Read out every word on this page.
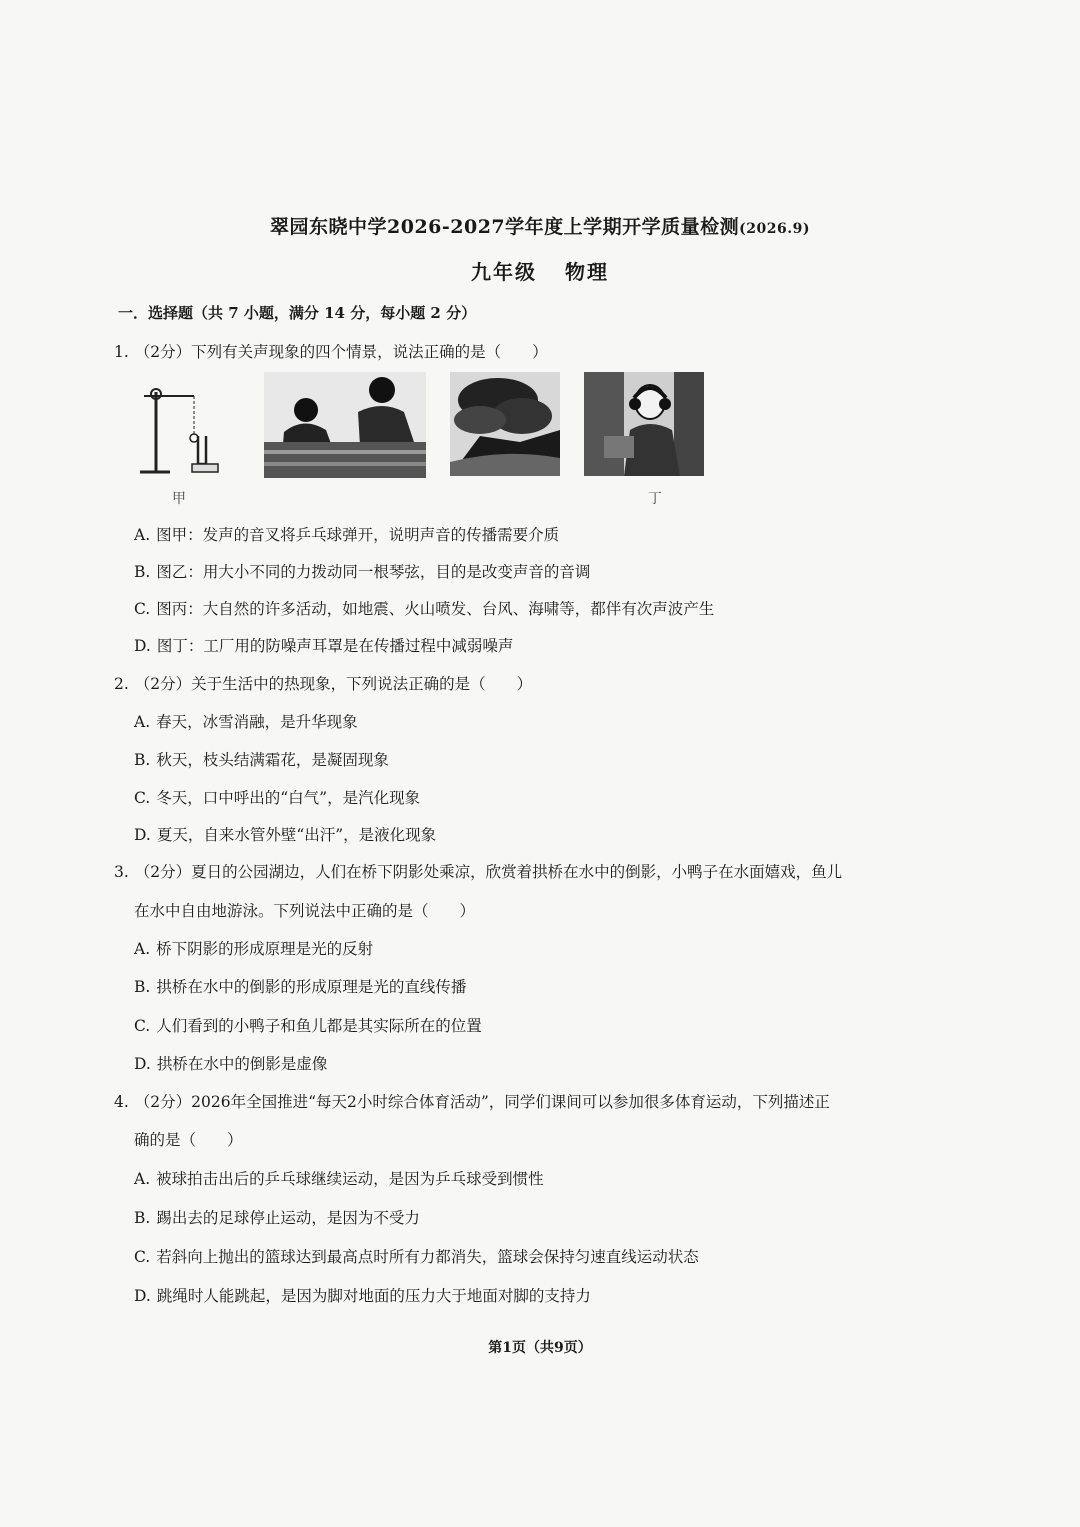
翠园东晓中学2026-2027学年度上学期开学质量检测(2026.9)
九年级 物理
一．选择题（共 7 小题，满分 14 分，每小题 2 分）
1. （2分）下列有关声现象的四个情景，说法正确的是（　　）
甲	丁
A. 图甲：发声的音叉将乒乓球弹开，说明声音的传播需要介质
B. 图乙：用大小不同的力拨动同一根琴弦，目的是改变声音的音调
C. 图丙：大自然的许多活动，如地震、火山喷发、台风、海啸等，都伴有次声波产生
D. 图丁：工厂用的防噪声耳罩是在传播过程中减弱噪声
2. （2分）关于生活中的热现象，下列说法正确的是（　　）
A. 春天，冰雪消融，是升华现象
B. 秋天，枝头结满霜花，是凝固现象
C. 冬天，口中呼出的“白气”，是汽化现象
D. 夏天，自来水管外壁“出汗”，是液化现象
3. （2分）夏日的公园湖边，人们在桥下阴影处乘凉，欣赏着拱桥在水中的倒影，小鸭子在水面嬉戏，鱼儿
在水中自由地游泳。下列说法中正确的是（　　）
A. 桥下阴影的形成原理是光的反射
B. 拱桥在水中的倒影的形成原理是光的直线传播
C. 人们看到的小鸭子和鱼儿都是其实际所在的位置
D. 拱桥在水中的倒影是虚像
4. （2分）2026年全国推进“每天2小时综合体育活动”，同学们课间可以参加很多体育运动，下列描述正
确的是（　　）
A. 被球拍击出后的乒乓球继续运动，是因为乒乓球受到惯性
B. 踢出去的足球停止运动，是因为不受力
C. 若斜向上抛出的篮球达到最高点时所有力都消失，篮球会保持匀速直线运动状态
D. 跳绳时人能跳起，是因为脚对地面的压力大于地面对脚的支持力
第1页（共9页）
